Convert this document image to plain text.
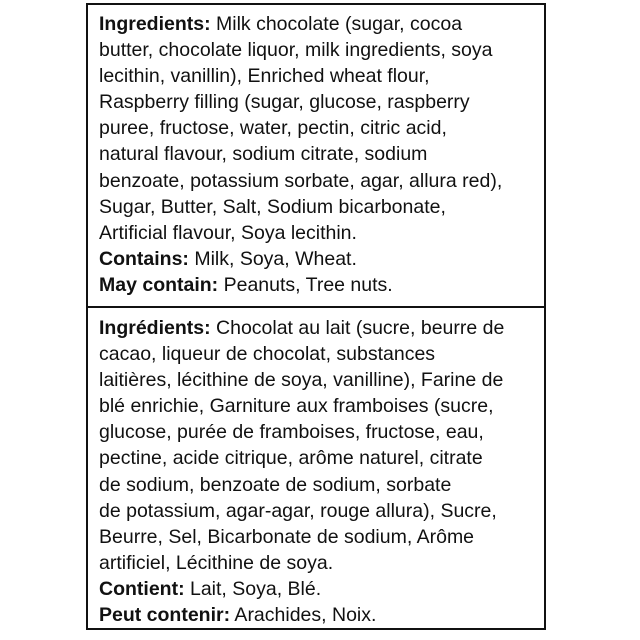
Ingredients: Milk chocolate (sugar, cocoa
butter, chocolate liquor, milk ingredients, soya
lecithin, vanillin), Enriched wheat flour,
Raspberry filling (sugar, glucose, raspberry
puree, fructose, water, pectin, citric acid,
natural flavour, sodium citrate, sodium
benzoate, potassium sorbate, agar, allura red),
Sugar, Butter, Salt, Sodium bicarbonate,
Artificial flavour, Soya lecithin.
Contains: Milk, Soya, Wheat.
May contain: Peanuts, Tree nuts.
Ingrédients: Chocolat au lait (sucre, beurre de
cacao, liqueur de chocolat, substances
laitières, lécithine de soya, vanilline), Farine de
blé enrichie, Garniture aux framboises (sucre,
glucose, purée de framboises, fructose, eau,
pectine, acide citrique, arôme naturel, citrate
de sodium, benzoate de sodium, sorbate
de potassium, agar-agar, rouge allura), Sucre,
Beurre, Sel, Bicarbonate de sodium, Arôme
artificiel, Lécithine de soya.
Contient: Lait, Soya, Blé.
Peut contenir: Arachides, Noix.
